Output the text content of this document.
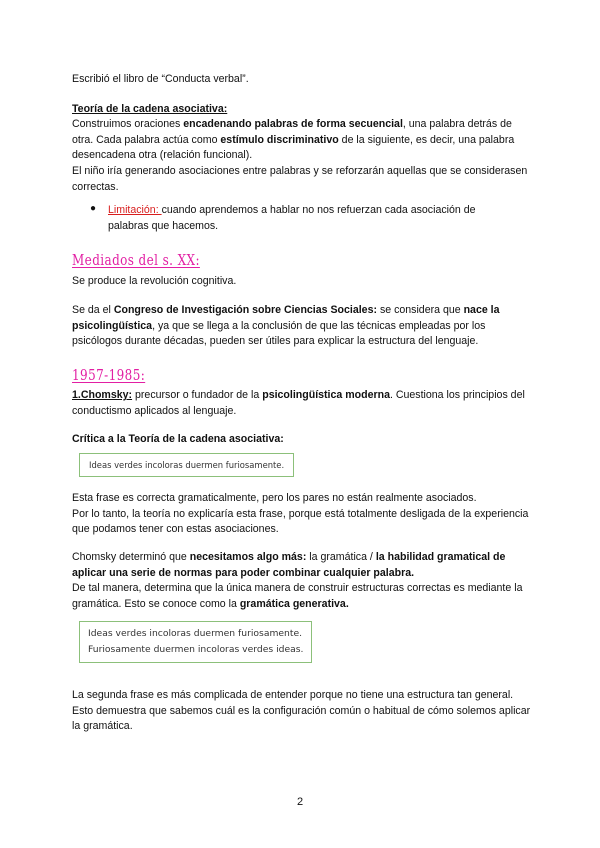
Escribió el libro de “Conducta verbal”.
Teoría de la cadena asociativa:
Construimos oraciones encadenando palabras de forma secuencial, una palabra detrás de otra. Cada palabra actúa como estímulo discriminativo de la siguiente, es decir, una palabra desencadena otra (relación funcional).
El niño iría generando asociaciones entre palabras y se reforzarán aquellas que se considerasen correctas.
● Limitación: cuando aprendemos a hablar no nos refuerzan cada asociación de palabras que hacemos.
Mediados del s. XX:
Se produce la revolución cognitiva.
Se da el Congreso de Investigación sobre Ciencias Sociales: se considera que nace la psicolingüística, ya que se llega a la conclusión de que las técnicas empleadas por los psicólogos durante décadas, pueden ser útiles para explicar la estructura del lenguaje.
1957-1985:
1.Chomsky: precursor o fundador de la psicolingüística moderna. Cuestiona los principios del conductismo aplicados al lenguaje.
Crítica a la Teoría de la cadena asociativa:
Ideas verdes incoloras duermen furiosamente.
Esta frase es correcta gramaticalmente, pero los pares no están realmente asociados.
Por lo tanto, la teoría no explicaría esta frase, porque está totalmente desligada de la experiencia que podamos tener con estas asociaciones.
Chomsky determinó que necesitamos algo más: la gramática / la habilidad gramatical de aplicar una serie de normas para poder combinar cualquier palabra.
De tal manera, determina que la única manera de construir estructuras correctas es mediante la gramática. Esto se conoce como la gramática generativa.
Ideas verdes incoloras duermen furiosamente.
Furiosamente duermen incoloras verdes ideas.
La segunda frase es más complicada de entender porque no tiene una estructura tan general. Esto demuestra que sabemos cuál es la configuración común o habitual de cómo solemos aplicar la gramática.
2
